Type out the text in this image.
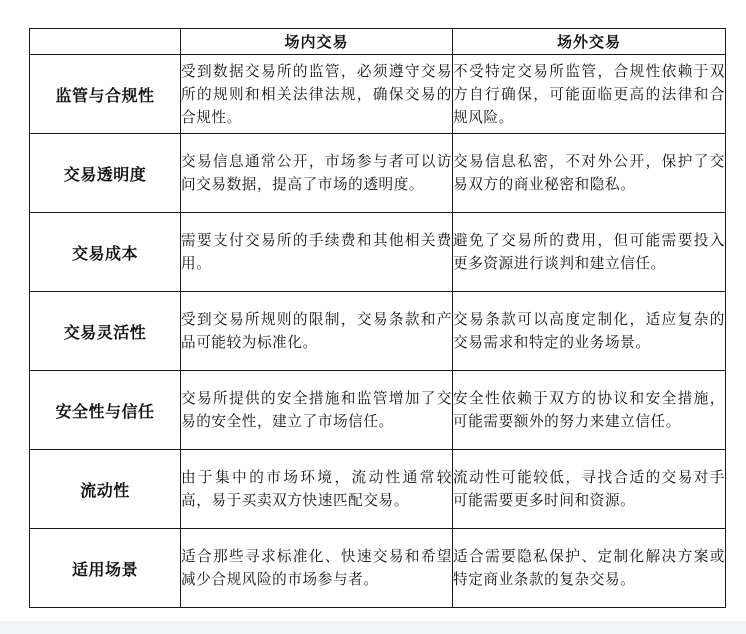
	场内交易	场外交易
监管与合规性	受到数据交易所的监管，必须遵守交易所的规则和相关法律法规，确保交易的合规性。	不受特定交易所监管，合规性依赖于双方自行确保，可能面临更高的法律和合规风险。
交易透明度	交易信息通常公开，市场参与者可以访问交易数据，提高了市场的透明度。	交易信息私密，不对外公开，保护了交易双方的商业秘密和隐私。
交易成本	需要支付交易所的手续费和其他相关费用。	避免了交易所的费用，但可能需要投入更多资源进行谈判和建立信任。
交易灵活性	受到交易所规则的限制，交易条款和产品可能较为标准化。	交易条款可以高度定制化，适应复杂的交易需求和特定的业务场景。
安全性与信任	交易所提供的安全措施和监管增加了交易的安全性，建立了市场信任。	安全性依赖于双方的协议和安全措施，可能需要额外的努力来建立信任。
流动性	由于集中的市场环境，流动性通常较高，易于买卖双方快速匹配交易。	流动性可能较低，寻找合适的交易对手可能需要更多时间和资源。
适用场景	适合那些寻求标准化、快速交易和希望减少合规风险的市场参与者。	适合需要隐私保护、定制化解决方案或特定商业条款的复杂交易。
